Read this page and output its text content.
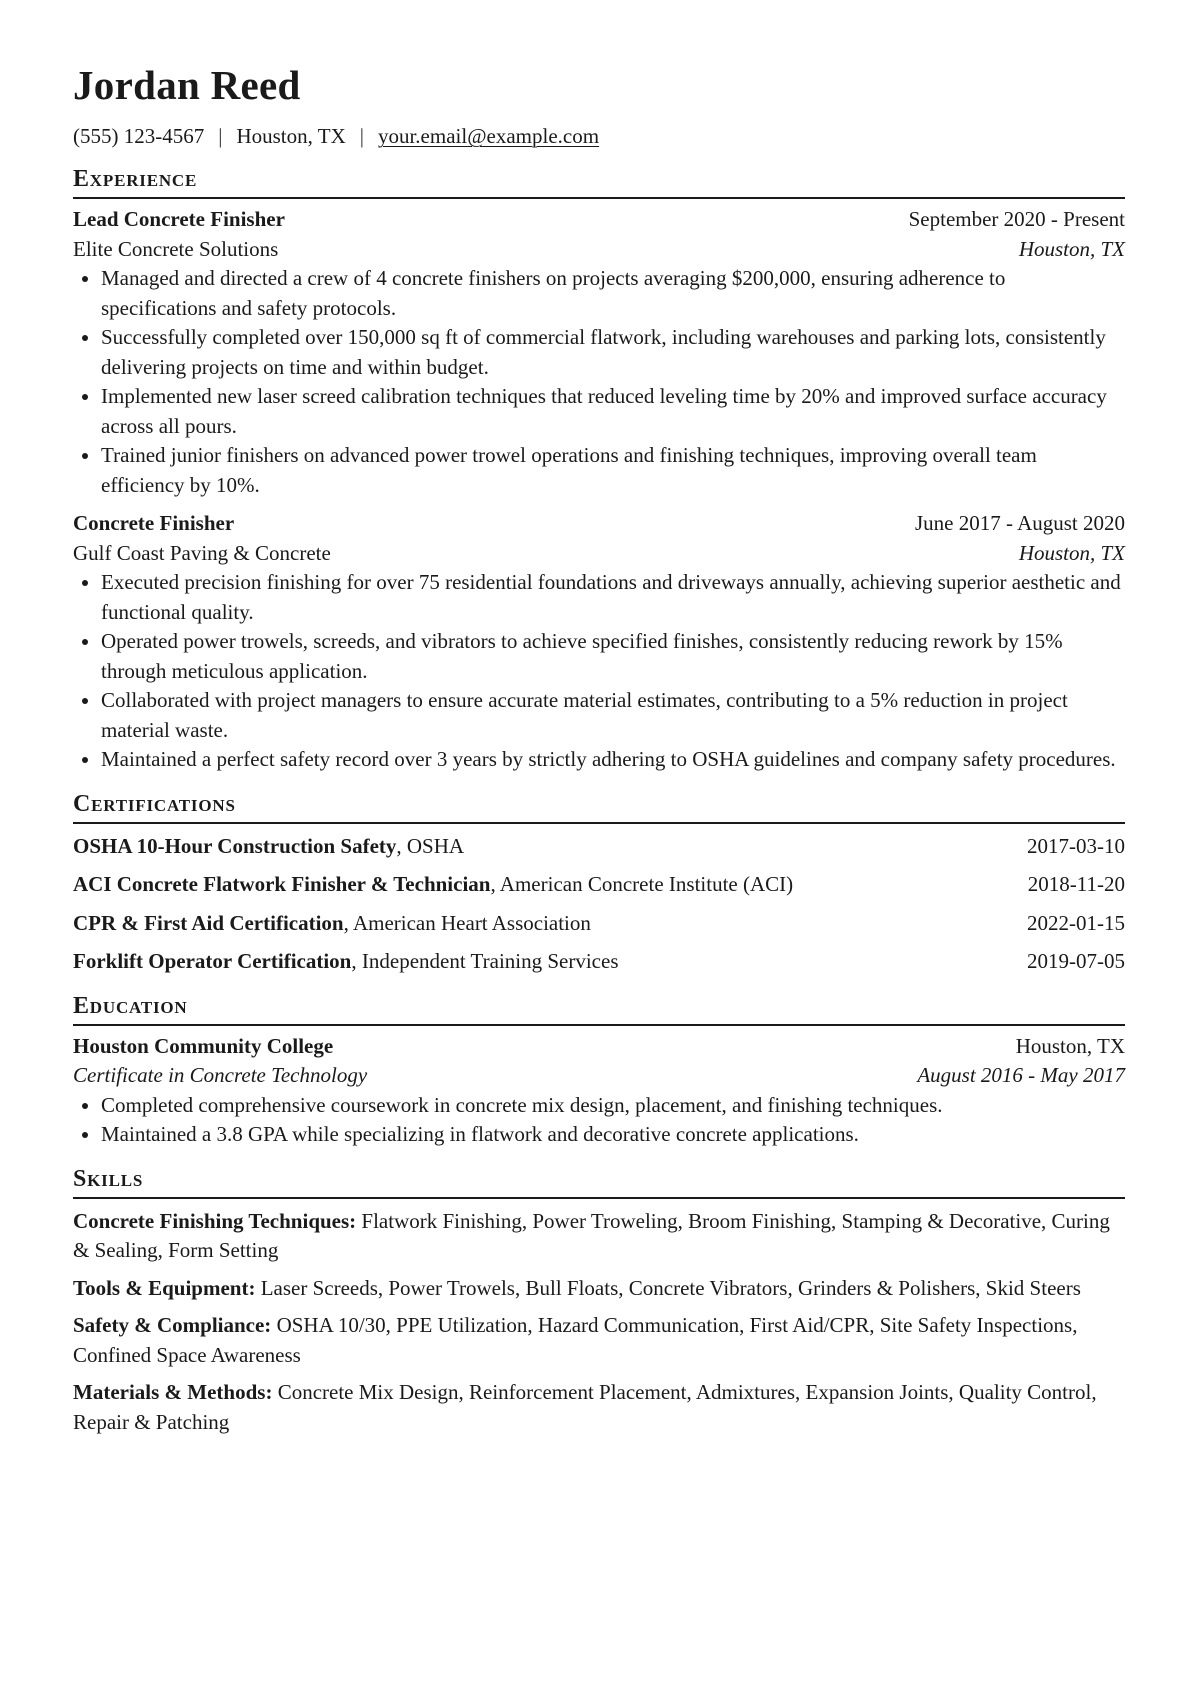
Jordan Reed
(555) 123-4567 | Houston, TX | your.email@example.com
Experience
Lead Concrete Finisher	September 2020 - Present
Elite Concrete Solutions	Houston, TX
Managed and directed a crew of 4 concrete finishers on projects averaging $200,000, ensuring adherence to specifications and safety protocols.
Successfully completed over 150,000 sq ft of commercial flatwork, including warehouses and parking lots, consistently delivering projects on time and within budget.
Implemented new laser screed calibration techniques that reduced leveling time by 20% and improved surface accuracy across all pours.
Trained junior finishers on advanced power trowel operations and finishing techniques, improving overall team efficiency by 10%.
Concrete Finisher	June 2017 - August 2020
Gulf Coast Paving & Concrete	Houston, TX
Executed precision finishing for over 75 residential foundations and driveways annually, achieving superior aesthetic and functional quality.
Operated power trowels, screeds, and vibrators to achieve specified finishes, consistently reducing rework by 15% through meticulous application.
Collaborated with project managers to ensure accurate material estimates, contributing to a 5% reduction in project material waste.
Maintained a perfect safety record over 3 years by strictly adhering to OSHA guidelines and company safety procedures.
Certifications
OSHA 10-Hour Construction Safety, OSHA	2017-03-10
ACI Concrete Flatwork Finisher & Technician, American Concrete Institute (ACI)	2018-11-20
CPR & First Aid Certification, American Heart Association	2022-01-15
Forklift Operator Certification, Independent Training Services	2019-07-05
Education
Houston Community College	Houston, TX
Certificate in Concrete Technology	August 2016 - May 2017
Completed comprehensive coursework in concrete mix design, placement, and finishing techniques.
Maintained a 3.8 GPA while specializing in flatwork and decorative concrete applications.
Skills
Concrete Finishing Techniques: Flatwork Finishing, Power Troweling, Broom Finishing, Stamping & Decorative, Curing & Sealing, Form Setting
Tools & Equipment: Laser Screeds, Power Trowels, Bull Floats, Concrete Vibrators, Grinders & Polishers, Skid Steers
Safety & Compliance: OSHA 10/30, PPE Utilization, Hazard Communication, First Aid/CPR, Site Safety Inspections, Confined Space Awareness
Materials & Methods: Concrete Mix Design, Reinforcement Placement, Admixtures, Expansion Joints, Quality Control, Repair & Patching
